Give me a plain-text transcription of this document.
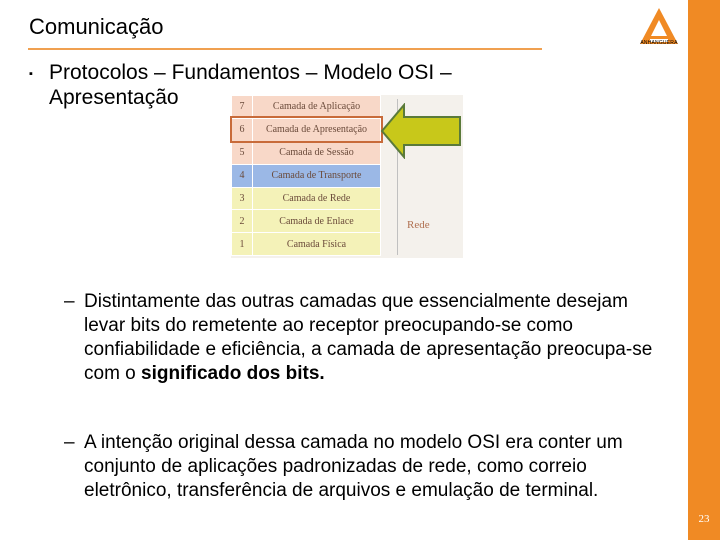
Comunicação
ANHANGUERA
23
▪ Protocolos – Fundamentos – Modelo OSI – Apresentação	7	Camada de Aplicação
6	Camada de Apresentação
5	Camada de Sessão
4	Camada de Transporte
3	Camada de Rede
2	Camada de Enlace
1	Camada Física
Rede
– Distintamente das outras camadas que essencialmente desejam levar bits do remetente ao receptor preocupando-se como confiabilidade e eficiência, a camada de apresentação preocupa-se com o significado dos bits.
– A intenção original dessa camada no modelo OSI era conter um conjunto de aplicações padronizadas de rede, como correio eletrônico, transferência de arquivos e emulação de terminal.
